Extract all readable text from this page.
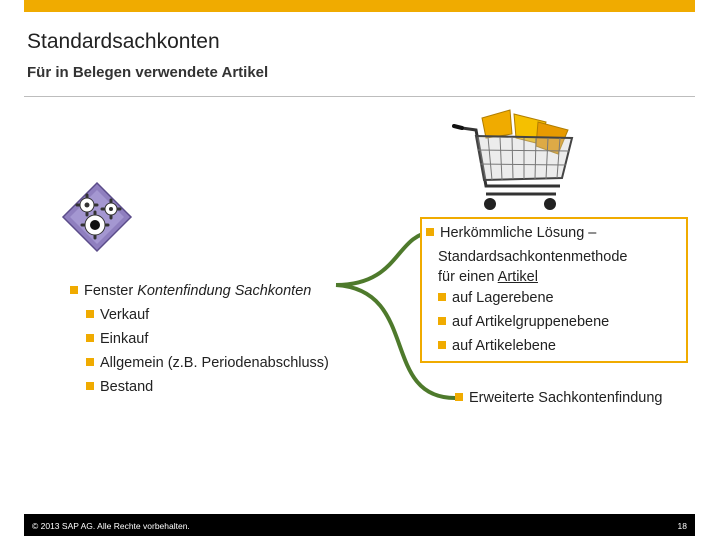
Standardsachkonten
Für in Belegen verwendete Artikel
Fenster Kontenfindung Sachkonten
Verkauf
Einkauf
Allgemein (z.B. Periodenabschluss)
Bestand
Herkömmliche Lösung –
Standardsachkontenmethode
für einen Artikel
auf Lagerebene
auf Artikelgruppenebene
auf Artikelebene
Erweiterte Sachkontenfindung
© 2013 SAP AG. Alle Rechte vorbehalten.	18
